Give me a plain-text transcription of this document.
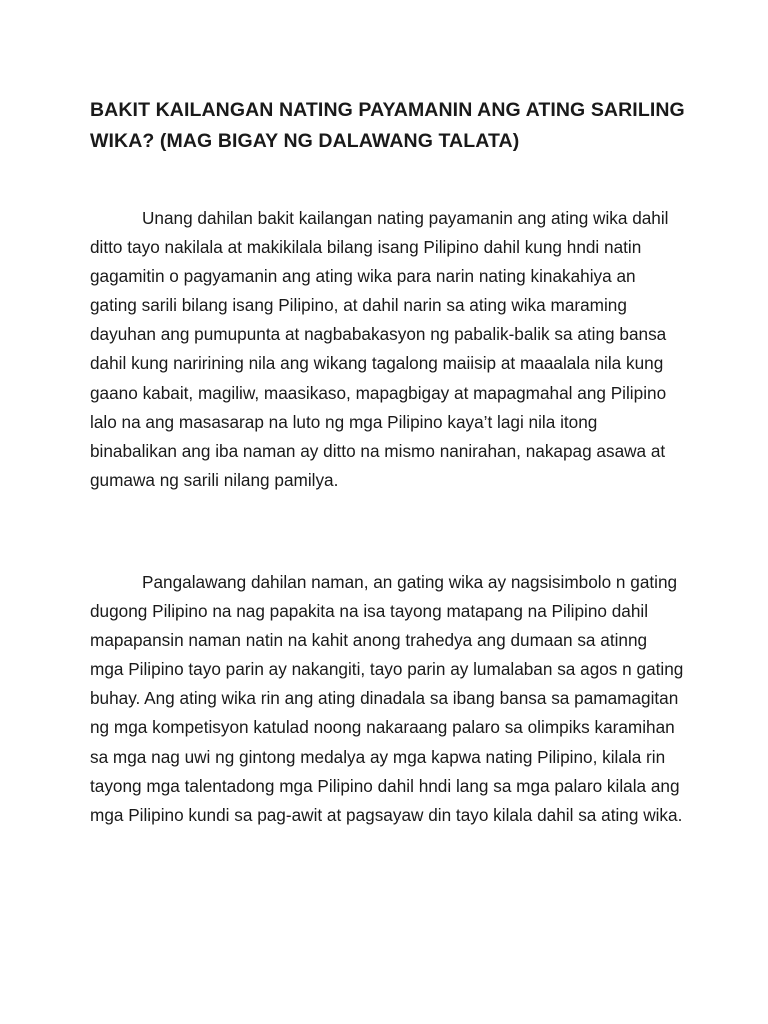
BAKIT KAILANGAN NATING PAYAMANIN ANG ATING SARILING WIKA? (MAG BIGAY NG DALAWANG TALATA)

Unang dahilan bakit kailangan nating payamanin ang ating wika dahil ditto tayo nakilala at makikilala bilang isang Pilipino dahil kung hndi natin gagamitin o pagyamanin ang ating wika para narin nating kinakahiya an gating sarili bilang isang Pilipino, at dahil narin sa ating wika maraming dayuhan ang pumupunta at nagbabakasyon ng pabalik-balik sa ating bansa dahil kung naririning nila ang wikang tagalong maiisip at maaalala nila kung gaano kabait, magiliw, maasikaso, mapagbigay at mapagmahal ang Pilipino lalo na ang masasarap na luto ng mga Pilipino kaya’t lagi nila itong binabalikan ang iba naman ay ditto na mismo nanirahan, nakapag asawa at gumawa ng sarili nilang pamilya.

Pangalawang dahilan naman, an gating wika ay nagsisimbolo n gating dugong Pilipino na nag papakita na isa tayong matapang na Pilipino dahil mapapansin naman natin na kahit anong trahedya ang dumaan sa atinng mga Pilipino tayo parin ay nakangiti, tayo parin ay lumalaban sa agos n gating buhay. Ang ating wika rin ang ating dinadala sa ibang bansa sa pamamagitan ng mga kompetisyon katulad noong nakaraang palaro sa olimpiks karamihan sa mga nag uwi ng gintong medalya ay mga kapwa nating Pilipino, kilala rin tayong mga talentadong mga Pilipino dahil hndi lang sa mga palaro kilala ang mga Pilipino kundi sa pag-awit at pagsayaw din tayo kilala dahil sa ating wika.
